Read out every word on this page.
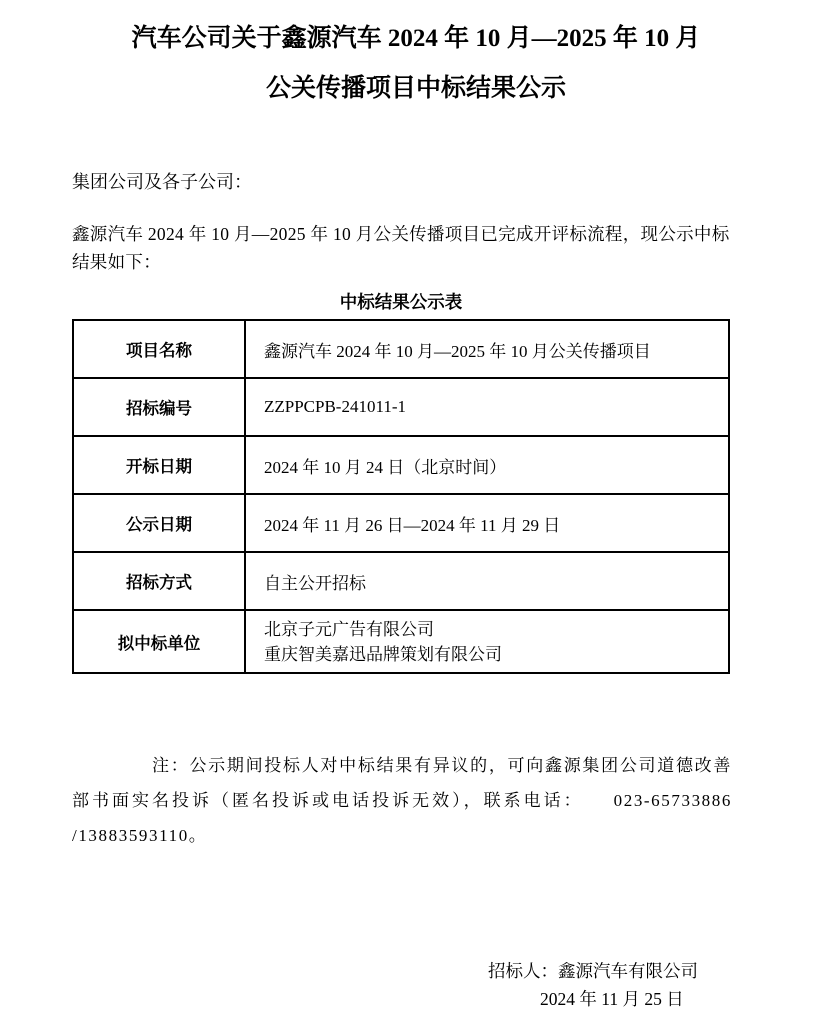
汽车公司关于鑫源汽车 2024 年 10 月—2025 年 10 月
公关传播项目中标结果公示

集团公司及各子公司：

鑫源汽车 2024 年 10 月—2025 年 10 月公关传播项目已完成开评标流程，现公示中标结果如下：

中标结果公示表
项目名称	鑫源汽车 2024 年 10 月—2025 年 10 月公关传播项目
招标编号	ZZPPCPB-241011-1
开标日期	2024 年 10 月 24 日（北京时间）
公示日期	2024 年 11 月 26 日—2024 年 11 月 29 日
招标方式	自主公开招标
拟中标单位	北京子元广告有限公司
重庆智美嘉迅品牌策划有限公司

注：公示期间投标人对中标结果有异议的，可向鑫源集团公司道德改善部书面实名投诉（匿名投诉或电话投诉无效），联系电话： 023-65733886 /13883593110。

招标人：鑫源汽车有限公司
2024 年 11 月 25 日
